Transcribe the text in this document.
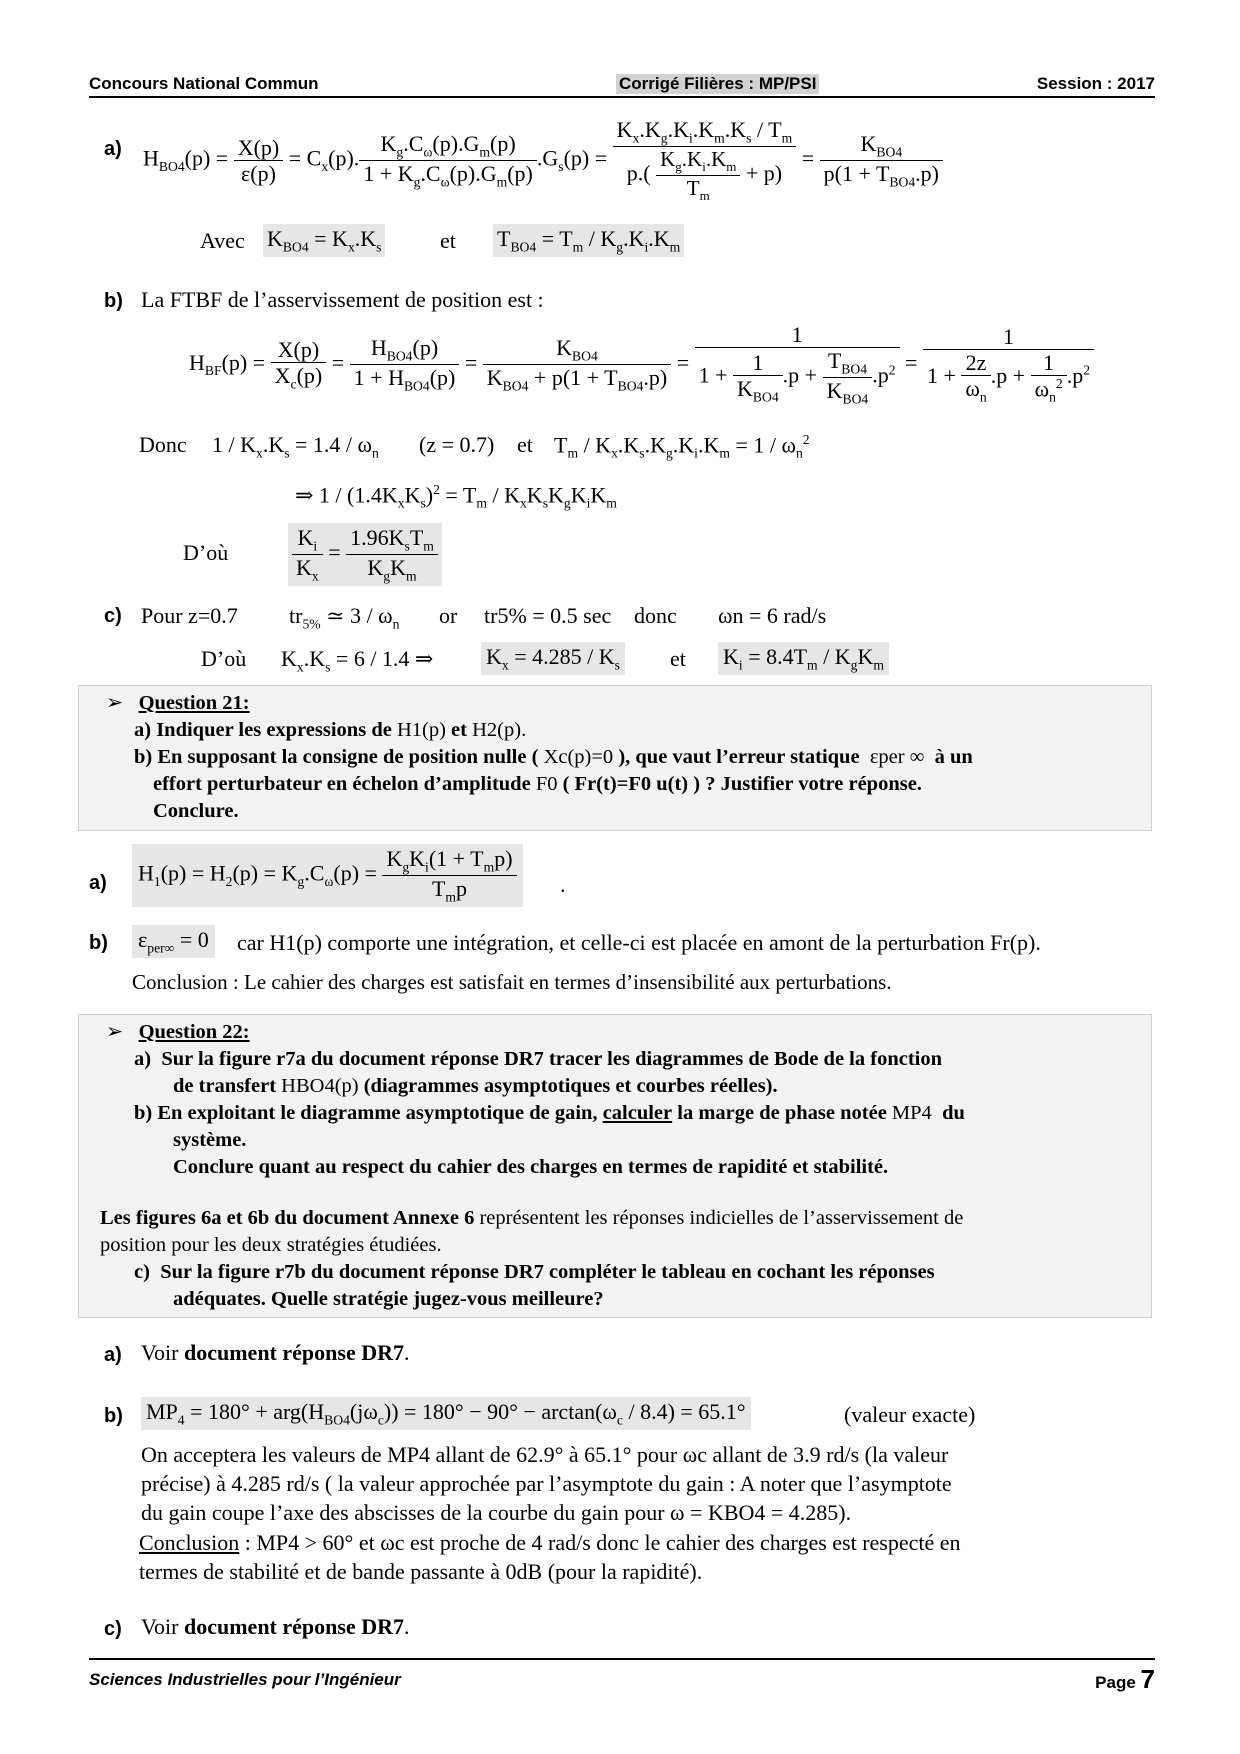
Concours National Commun	Corrigé Filières : MP/PSI	Session : 2017
a) $H_{BO4}(p) = \frac{X(p)}{\varepsilon(p)} = C_x(p)$. $\frac{K_g.C_\omega(p).G_m(p)}{1 + K_g.C_\omega(p).G_m(p)} .G_s(p) = \frac{K_x.K_g.K_i.K_m.K_s / T_m}{p.( \frac{K_g.K_i.K_m}{T_m} + p)} = \frac{K_{BO4}}{p(1 + T_{BO4}.p)}$
Avec $K_{BO4} = K_x.K_s$	et $T_{BO4} = T_m / K_g.K_i.K_m$
b) La FTBF de l’asservissement de position est :
$H_{BF}(p) = \frac{X(p)}{X_c(p)} = \frac{H_{BO4}(p)}{1 + H_{BO4}(p)} = \frac{K_{BO4}}{K_{BO4} + p(1 + T_{BO4}.p)} = \frac{1}{1 + \frac{1}{K_{BO4}} .p + \frac{T_{BO4}}{K_{BO4}} .p^2} = \frac{1}{1 + \frac{2z}{\omega_n} .p + \frac{1}{\omega_n^2} .p^2}$
Donc $1 / K_x.K_s = 1.4 / \omega_n$ (z = 0.7) et $T_m / K_x.K_s.K_g.K_i.K_m = 1 / \omega_n^2$
⇒ $1 / (1.4K_xK_s)^2 = T_m / K_xK_sK_gK_iK_m$
D’où	$\frac{K_i}{K_x} = \frac{1.96K_sT_m}{K_gK_m}$
c) Pour z=0.7 $tr_{5\%}$ ≃ $3 / \omega_n$ or tr5% = 0.5 sec donc ωn = 6 rad/s
D’où $K_x.K_s = 6 / 1.4$ ⇒ $K_x = 4.285 / K_s$ et $K_i = 8.4T_m / K_gK_m$
➢ Question 21:
a) Indiquer les expressions de H1(p) et H2(p).
b) En supposant la consigne de position nulle ( Xc(p)=0 ), que vaut l’erreur statique εper ∞ à un
effort perturbateur en échelon d’amplitude F0 ( Fr(t)=F0 u(t) ) ? Justifier votre réponse.
Conclure.
a) $H_1(p) = H_2(p) = K_g.C_\omega(p) = \frac{K_gK_i(1 + T_mp)}{T_mp}$ .
b) $\varepsilon_{per\infty} = 0$ car H1(p) comporte une intégration, et celle-ci est placée en amont de la perturbation Fr(p).
Conclusion : Le cahier des charges est satisfait en termes d’insensibilité aux perturbations.
➢ Question 22:
a) Sur la figure r7a du document réponse DR7 tracer les diagrammes de Bode de la fonction
de transfert HBO4(p) (diagrammes asymptotiques et courbes réelles).
b) En exploitant le diagramme asymptotique de gain, calculer la marge de phase notée MP4 du
système.
Conclure quant au respect du cahier des charges en termes de rapidité et stabilité.
Les figures 6a et 6b du document Annexe 6 représentent les réponses indicielles de l’asservissement de
position pour les deux stratégies étudiées.
c) Sur la figure r7b du document réponse DR7 compléter le tableau en cochant les réponses
adéquates. Quelle stratégie jugez-vous meilleure?
a) Voir document réponse DR7.
b) $MP_4 = 180^\circ + arg(H_{BO4}(j\omega_c)) = 180^\circ - 90^\circ - \arctan(\omega_c / 8.4) = 65.1^\circ$	(valeur exacte)
On acceptera les valeurs de MP4 allant de 62.9° à 65.1° pour ωc allant de 3.9 rd/s (la valeur
précise) à 4.285 rd/s ( la valeur approchée par l’asymptote du gain : A noter que l’asymptote
du gain coupe l’axe des abscisses de la courbe du gain pour ω = KBO4 = 4.285).
Conclusion : MP4 > 60° et ωc est proche de 4 rad/s donc le cahier des charges est respecté en
termes de stabilité et de bande passante à 0dB (pour la rapidité).
c) Voir document réponse DR7.
Sciences Industrielles pour l’Ingénieur	Page 7
